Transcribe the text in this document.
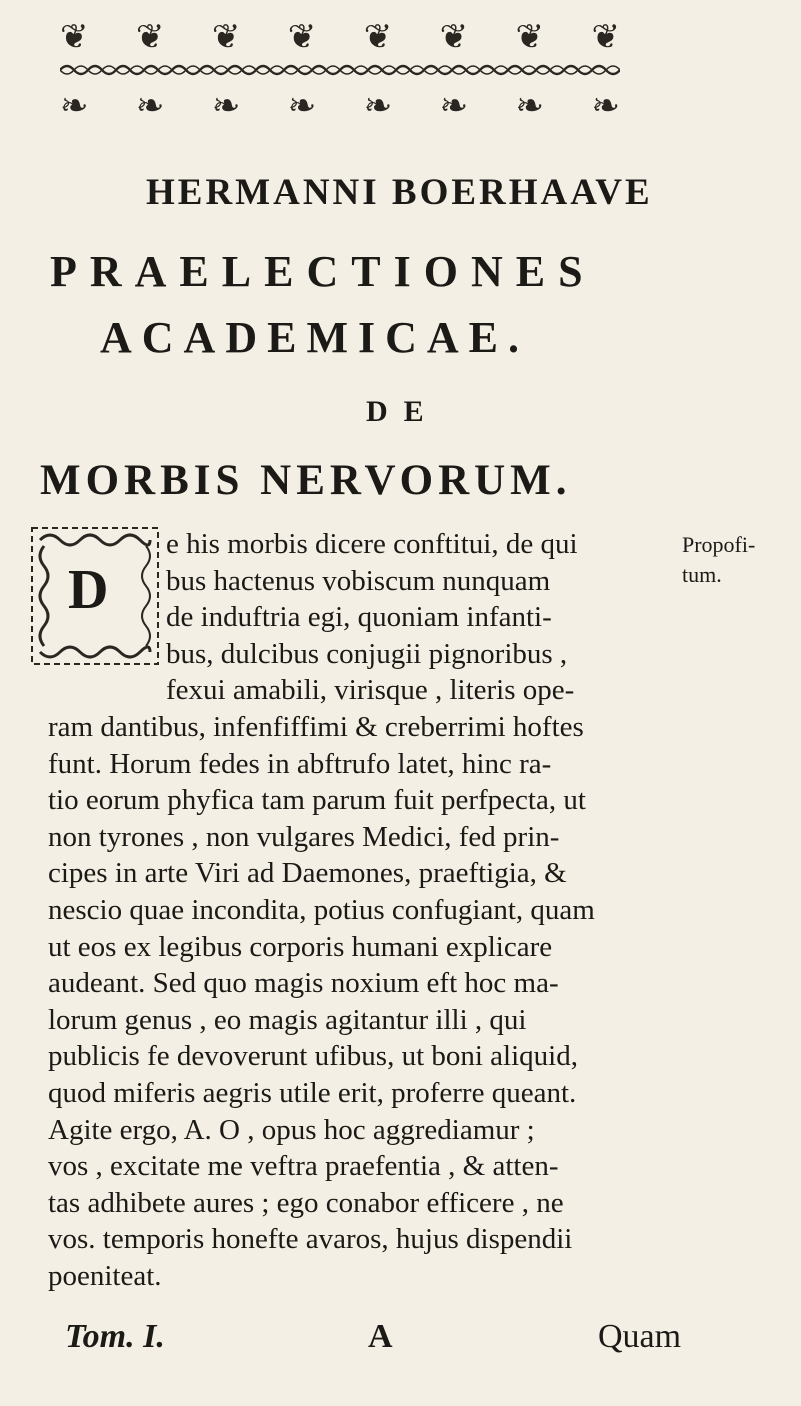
❦ ❦ ❦ ❦ ❦ ❦ ❦ ❦
❧ ❧ ❧ ❧ ❧ ❧ ❧ ❧
HERMANNI BOERHAAVE
PRAELECTIONES
ACADEMICAE.
DE
MORBIS NERVORUM.
D
e his morbis dicere conftitui, de qui
bus hactenus vobiscum nunquam
de induftria egi, quoniam infanti-
bus, dulcibus conjugii pignoribus ,
fexui amabili, virisque , literis ope-
ram dantibus, infenfiffimi & creberrimi hoftes
funt. Horum fedes in abftrufo latet, hinc ra-
tio eorum phyfica tam parum fuit perfpecta, ut
non tyrones , non vulgares Medici, fed prin-
cipes in arte Viri ad Daemones, praeftigia, &
nescio quae incondita, potius confugiant, quam
ut eos ex legibus corporis humani explicare
audeant. Sed quo magis noxium eft hoc ma-
lorum genus , eo magis agitantur illi , qui
publicis fe devoverunt ufibus, ut boni aliquid,
quod miferis aegris utile erit, proferre queant.
Agite ergo, A. O , opus hoc aggrediamur ;
vos , excitate me veftra praefentia , & atten-
tas adhibete aures ; ego conabor efficere , ne
vos. temporis honefte avaros, hujus dispendii
poeniteat.
Propofi-
tum.
Tom. I.	A	Quam
